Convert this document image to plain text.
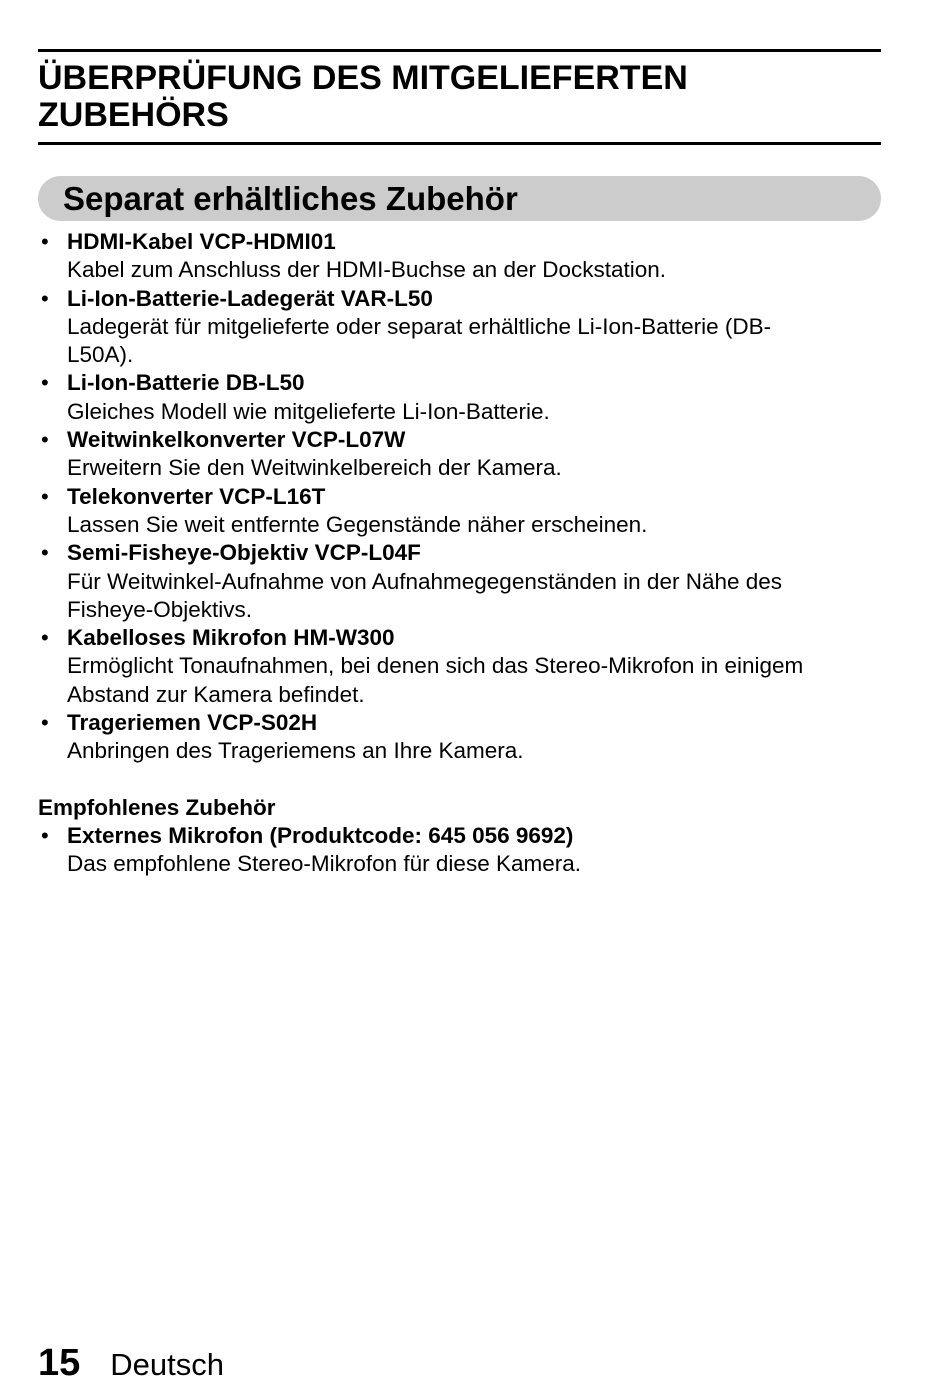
ÜBERPRÜFUNG DES MITGELIEFERTEN
ZUBEHÖRS
Separat erhältliches Zubehör
• HDMI-Kabel VCP-HDMI01
Kabel zum Anschluss der HDMI-Buchse an der Dockstation.
• Li-Ion-Batterie-Ladegerät VAR-L50
Ladegerät für mitgelieferte oder separat erhältliche Li-Ion-Batterie (DB-
L50A).
• Li-Ion-Batterie DB-L50
Gleiches Modell wie mitgelieferte Li-Ion-Batterie.
• Weitwinkelkonverter VCP-L07W
Erweitern Sie den Weitwinkelbereich der Kamera.
• Telekonverter VCP-L16T
Lassen Sie weit entfernte Gegenstände näher erscheinen.
• Semi-Fisheye-Objektiv VCP-L04F
Für Weitwinkel-Aufnahme von Aufnahmegegenständen in der Nähe des
Fisheye-Objektivs.
• Kabelloses Mikrofon HM-W300
Ermöglicht Tonaufnahmen, bei denen sich das Stereo-Mikrofon in einigem
Abstand zur Kamera befindet.
• Trageriemen VCP-S02H
Anbringen des Trageriemens an Ihre Kamera.
Empfohlenes Zubehör
• Externes Mikrofon (Produktcode: 645 056 9692)
Das empfohlene Stereo-Mikrofon für diese Kamera.
15 Deutsch
